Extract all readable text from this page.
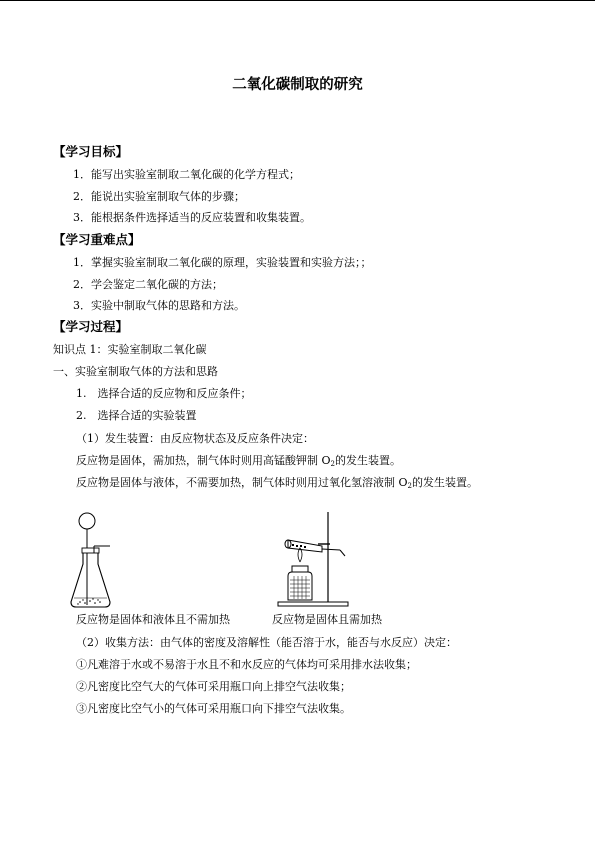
二氧化碳制取的研究
【学习目标】
1．能写出实验室制取二氧化碳的化学方程式；
2．能说出实验室制取气体的步骤；
3．能根据条件选择适当的反应装置和收集装置。
【学习重难点】
1．掌握实验室制取二氧化碳的原理，实验装置和实验方法；；
2．学会鉴定二氧化碳的方法；
3．实验中制取气体的思路和方法。
【学习过程】
知识点 1：实验室制取二氧化碳
一、实验室制取气体的方法和思路
1.　选择合适的反应物和反应条件；
2.　选择合适的实验装置
（1）发生装置：由反应物状态及反应条件决定：
反应物是固体，需加热，制气体时则用高锰酸钾制 $O_2$的发生装置。
反应物是固体与液体，不需要加热，制气体时则用过氧化氢溶液制 $O_2$的发生装置。
反应物是固体和液体且不需加热	反应物是固体且需加热
（2）收集方法：由气体的密度及溶解性（能否溶于水，能否与水反应）决定：
①凡难溶于水或不易溶于水且不和水反应的气体均可采用排水法收集；
②凡密度比空气大的气体可采用瓶口向上排空气法收集；
③凡密度比空气小的气体可采用瓶口向下排空气法收集。
